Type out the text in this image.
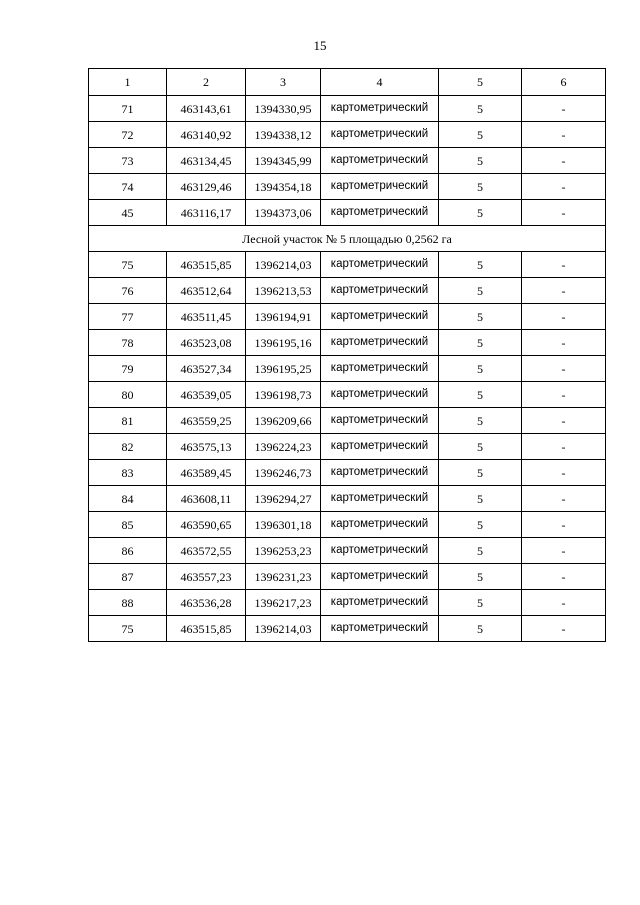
15
1	2	3	4	5	6
71	463143,61	1394330,95	картометрический	5	-
72	463140,92	1394338,12	картометрический	5	-
73	463134,45	1394345,99	картометрический	5	-
74	463129,46	1394354,18	картометрический	5	-
45	463116,17	1394373,06	картометрический	5	-
Лесной участок № 5 площадью 0,2562 га					
75	463515,85	1396214,03	картометрический	5	-
76	463512,64	1396213,53	картометрический	5	-
77	463511,45	1396194,91	картометрический	5	-
78	463523,08	1396195,16	картометрический	5	-
79	463527,34	1396195,25	картометрический	5	-
80	463539,05	1396198,73	картометрический	5	-
81	463559,25	1396209,66	картометрический	5	-
82	463575,13	1396224,23	картометрический	5	-
83	463589,45	1396246,73	картометрический	5	-
84	463608,11	1396294,27	картометрический	5	-
85	463590,65	1396301,18	картометрический	5	-
86	463572,55	1396253,23	картометрический	5	-
87	463557,23	1396231,23	картометрический	5	-
88	463536,28	1396217,23	картометрический	5	-
75	463515,85	1396214,03	картометрический	5	-
